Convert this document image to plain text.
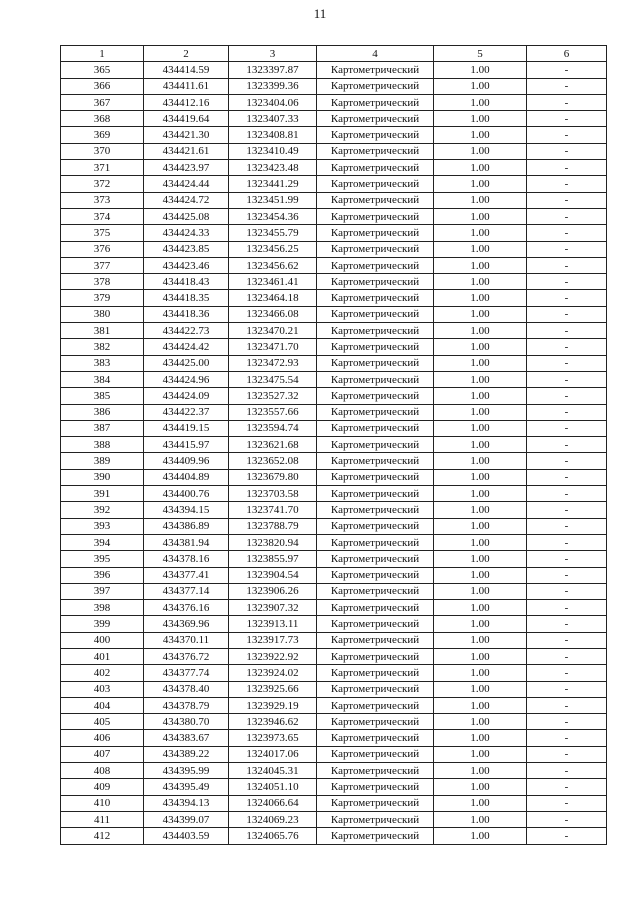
11
1	2	3	4	5	6
365	434414.59	1323397.87	Картометрический	1.00	-
366	434411.61	1323399.36	Картометрический	1.00	-
367	434412.16	1323404.06	Картометрический	1.00	-
368	434419.64	1323407.33	Картометрический	1.00	-
369	434421.30	1323408.81	Картометрический	1.00	-
370	434421.61	1323410.49	Картометрический	1.00	-
371	434423.97	1323423.48	Картометрический	1.00	-
372	434424.44	1323441.29	Картометрический	1.00	-
373	434424.72	1323451.99	Картометрический	1.00	-
374	434425.08	1323454.36	Картометрический	1.00	-
375	434424.33	1323455.79	Картометрический	1.00	-
376	434423.85	1323456.25	Картометрический	1.00	-
377	434423.46	1323456.62	Картометрический	1.00	-
378	434418.43	1323461.41	Картометрический	1.00	-
379	434418.35	1323464.18	Картометрический	1.00	-
380	434418.36	1323466.08	Картометрический	1.00	-
381	434422.73	1323470.21	Картометрический	1.00	-
382	434424.42	1323471.70	Картометрический	1.00	-
383	434425.00	1323472.93	Картометрический	1.00	-
384	434424.96	1323475.54	Картометрический	1.00	-
385	434424.09	1323527.32	Картометрический	1.00	-
386	434422.37	1323557.66	Картометрический	1.00	-
387	434419.15	1323594.74	Картометрический	1.00	-
388	434415.97	1323621.68	Картометрический	1.00	-
389	434409.96	1323652.08	Картометрический	1.00	-
390	434404.89	1323679.80	Картометрический	1.00	-
391	434400.76	1323703.58	Картометрический	1.00	-
392	434394.15	1323741.70	Картометрический	1.00	-
393	434386.89	1323788.79	Картометрический	1.00	-
394	434381.94	1323820.94	Картометрический	1.00	-
395	434378.16	1323855.97	Картометрический	1.00	-
396	434377.41	1323904.54	Картометрический	1.00	-
397	434377.14	1323906.26	Картометрический	1.00	-
398	434376.16	1323907.32	Картометрический	1.00	-
399	434369.96	1323913.11	Картометрический	1.00	-
400	434370.11	1323917.73	Картометрический	1.00	-
401	434376.72	1323922.92	Картометрический	1.00	-
402	434377.74	1323924.02	Картометрический	1.00	-
403	434378.40	1323925.66	Картометрический	1.00	-
404	434378.79	1323929.19	Картометрический	1.00	-
405	434380.70	1323946.62	Картометрический	1.00	-
406	434383.67	1323973.65	Картометрический	1.00	-
407	434389.22	1324017.06	Картометрический	1.00	-
408	434395.99	1324045.31	Картометрический	1.00	-
409	434395.49	1324051.10	Картометрический	1.00	-
410	434394.13	1324066.64	Картометрический	1.00	-
411	434399.07	1324069.23	Картометрический	1.00	-
412	434403.59	1324065.76	Картометрический	1.00	-
